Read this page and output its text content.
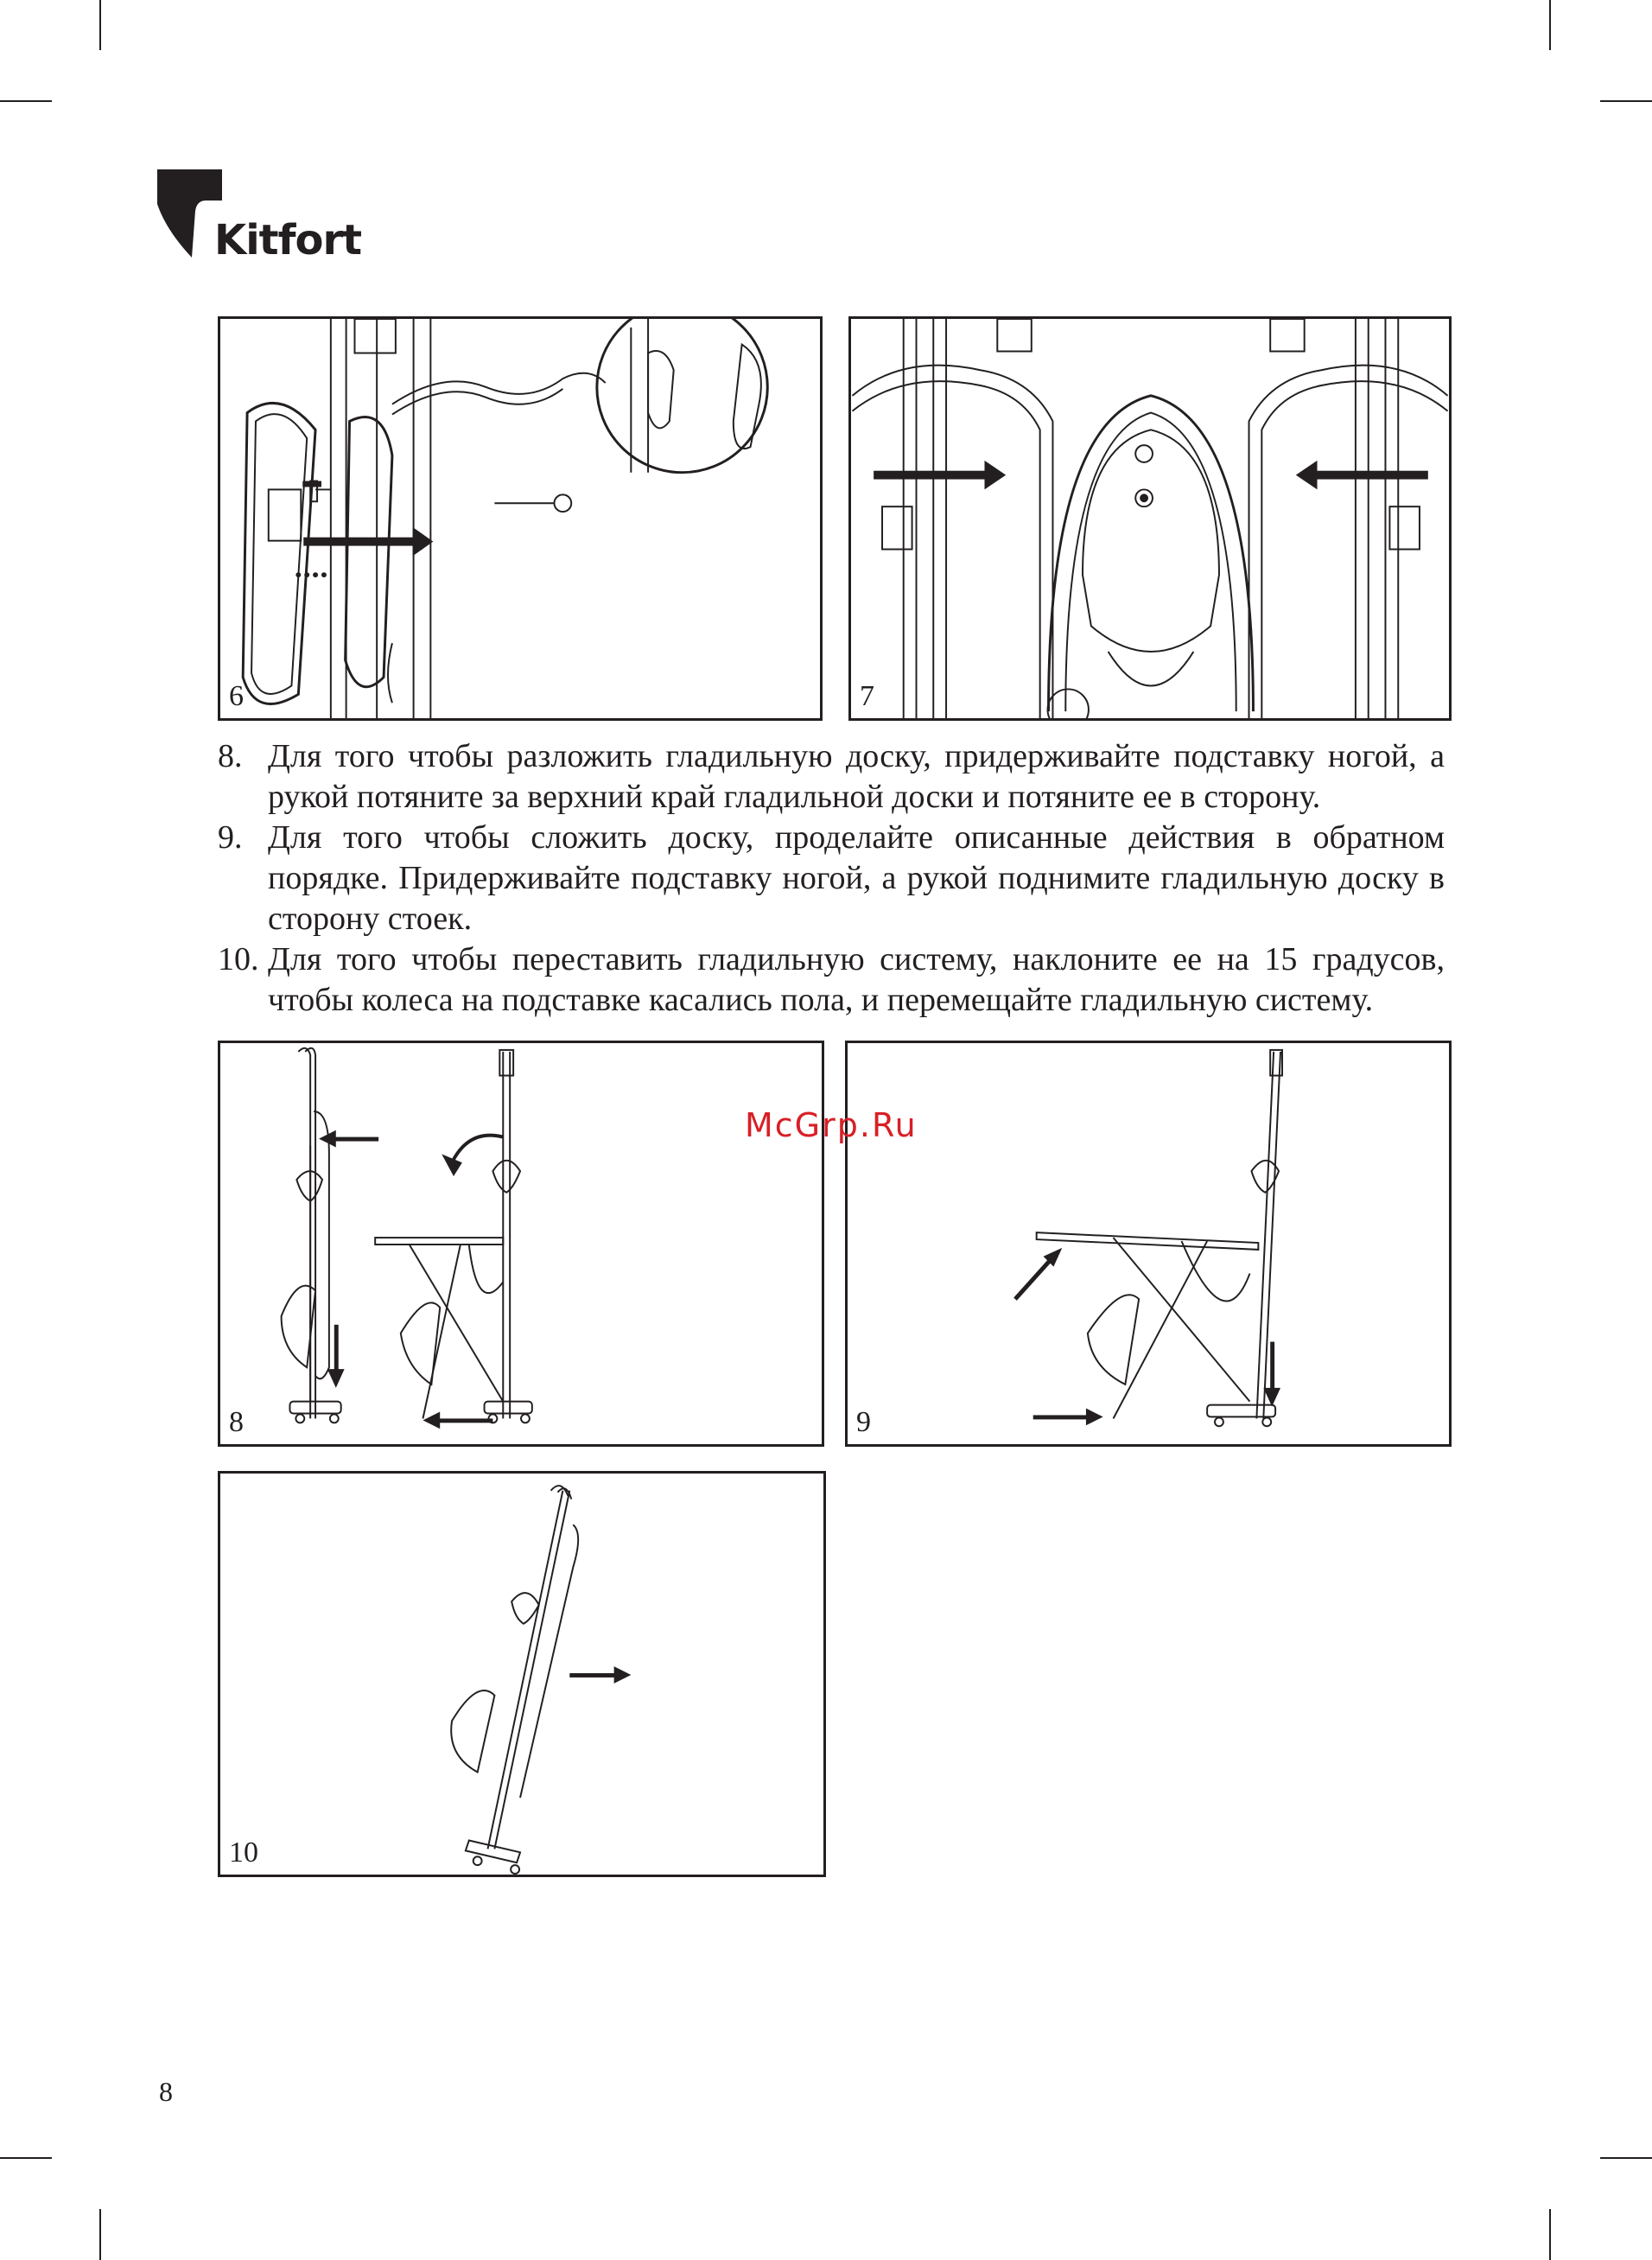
Kitfort
6	7
8. Для того чтобы разложить гладильную доску, придерживайте подставку ногой, а рукой потяните за верхний край гладильной доски и потяните ее в сторону.
9. Для того чтобы сложить доску, проделайте описанные действия в обратном порядке. Придерживайте подставку ногой, а рукой поднимите гладильную доску в сторону стоек.
10. Для того чтобы переставить гладильную систему, наклоните ее на 15 градусов, чтобы колеса на подставке касались пола, и перемещайте гладильную систему.
8	9
10
McGrp.Ru
8
